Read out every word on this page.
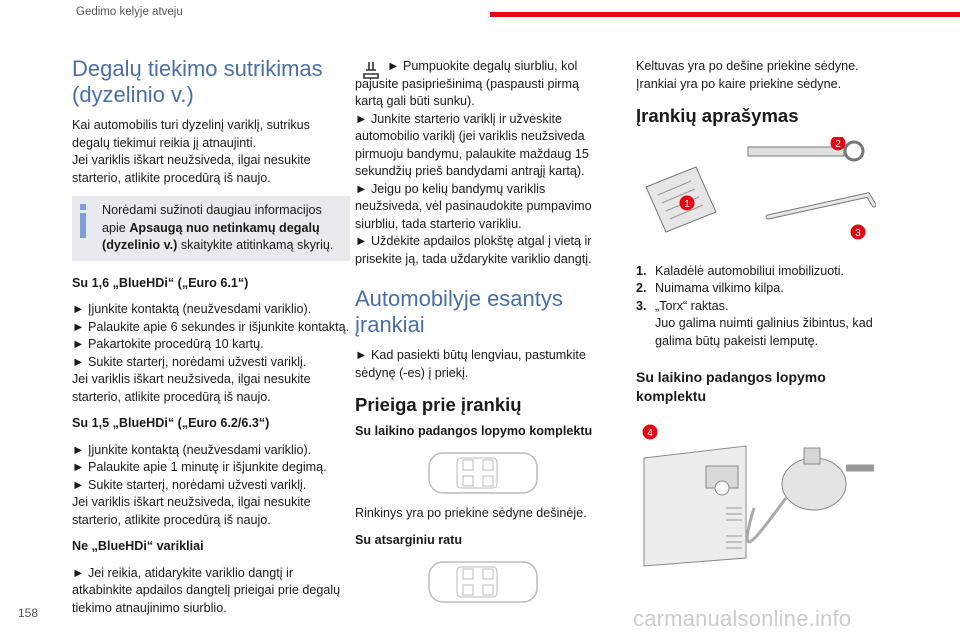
Gedimo kelyje atveju
Degalų tiekimo sutrikimas (dyzelinio v.)

Kai automobilis turi dyzelinį variklį, sutrikus degalų tiekimui reikia jį atnaujinti.

Jei variklis iškart neužsiveda, ilgai nesukite starterio, atlikite procedūrą iš naujo.

Norėdami sužinoti daugiau informacijos apie Apsaugą nuo netinkamų degalų (dyzelinio v.) skaitykite atitinkamą skyrių.

Su 1,6 „BlueHDi“ („Euro 6.1“)

► Įjunkite kontaktą (neužvesdami variklio).

► Palaukite apie 6 sekundes ir išjunkite kontaktą.

► Pakartokite procedūrą 10 kartų.

► Sukite starterį, norėdami užvesti variklį.

Jei variklis iškart neužsiveda, ilgai nesukite starterio, atlikite procedūrą iš naujo.

Su 1,5 „BlueHDi“ („Euro 6.2/6.3“)

► Įjunkite kontaktą (neužvesdami variklio).

► Palaukite apie 1 minutę ir išjunkite degimą.

► Sukite starterį, norėdami užvesti variklį.

Jei variklis iškart neužsiveda, ilgai nesukite starterio, atlikite procedūrą iš naujo.

Ne „BlueHDi“ varikliai

► Jei reikia, atidarykite variklio dangtį ir atkabinkite apdailos dangtelį prieigai prie degalų tiekimo atnaujinimo siurblio.

► Pumpuokite degalų siurbliu, kol pajusite pasipriešinimą (paspausti pirmą kartą gali būti sunku).

► Junkite starterio variklį ir užveskite automobilio variklį (jei variklis neužsiveda pirmuoju bandymu, palaukite maždaug 15 sekundžių prieš bandydami antrąjį kartą).

► Jeigu po kelių bandymų variklis neužsiveda, vėl pasinaudokite pumpavimo siurbliu, tada starterio varikliu.

► Uždėkite apdailos plokštę atgal į vietą ir prisekite ją, tada uždarykite variklio dangtį.

Automobilyje esantys įrankiai

► Kad pasiekti būtų lengviau, pastumkite sėdynę (-es) į priekį.

Prieiga prie įrankių

Su laikino padangos lopymo komplektu

Rinkinys yra po priekine sėdyne dešinėje.

Su atsarginiu ratu

Keltuvas yra po dešine priekine sėdyne.

Įrankiai yra po kaire priekine sėdyne.

Įrankių aprašymas
1
2
3
1. Kaladėlė automobiliui imobilizuoti.
2. Nuimama vilkimo kilpa.
3. „Torx“ raktas.
Juo galima nuimti galinius žibintus, kad galima būtų pakeisti lemputę.

Su laikino padangos lopymo komplektu

4
158	carmanualsonline.info
